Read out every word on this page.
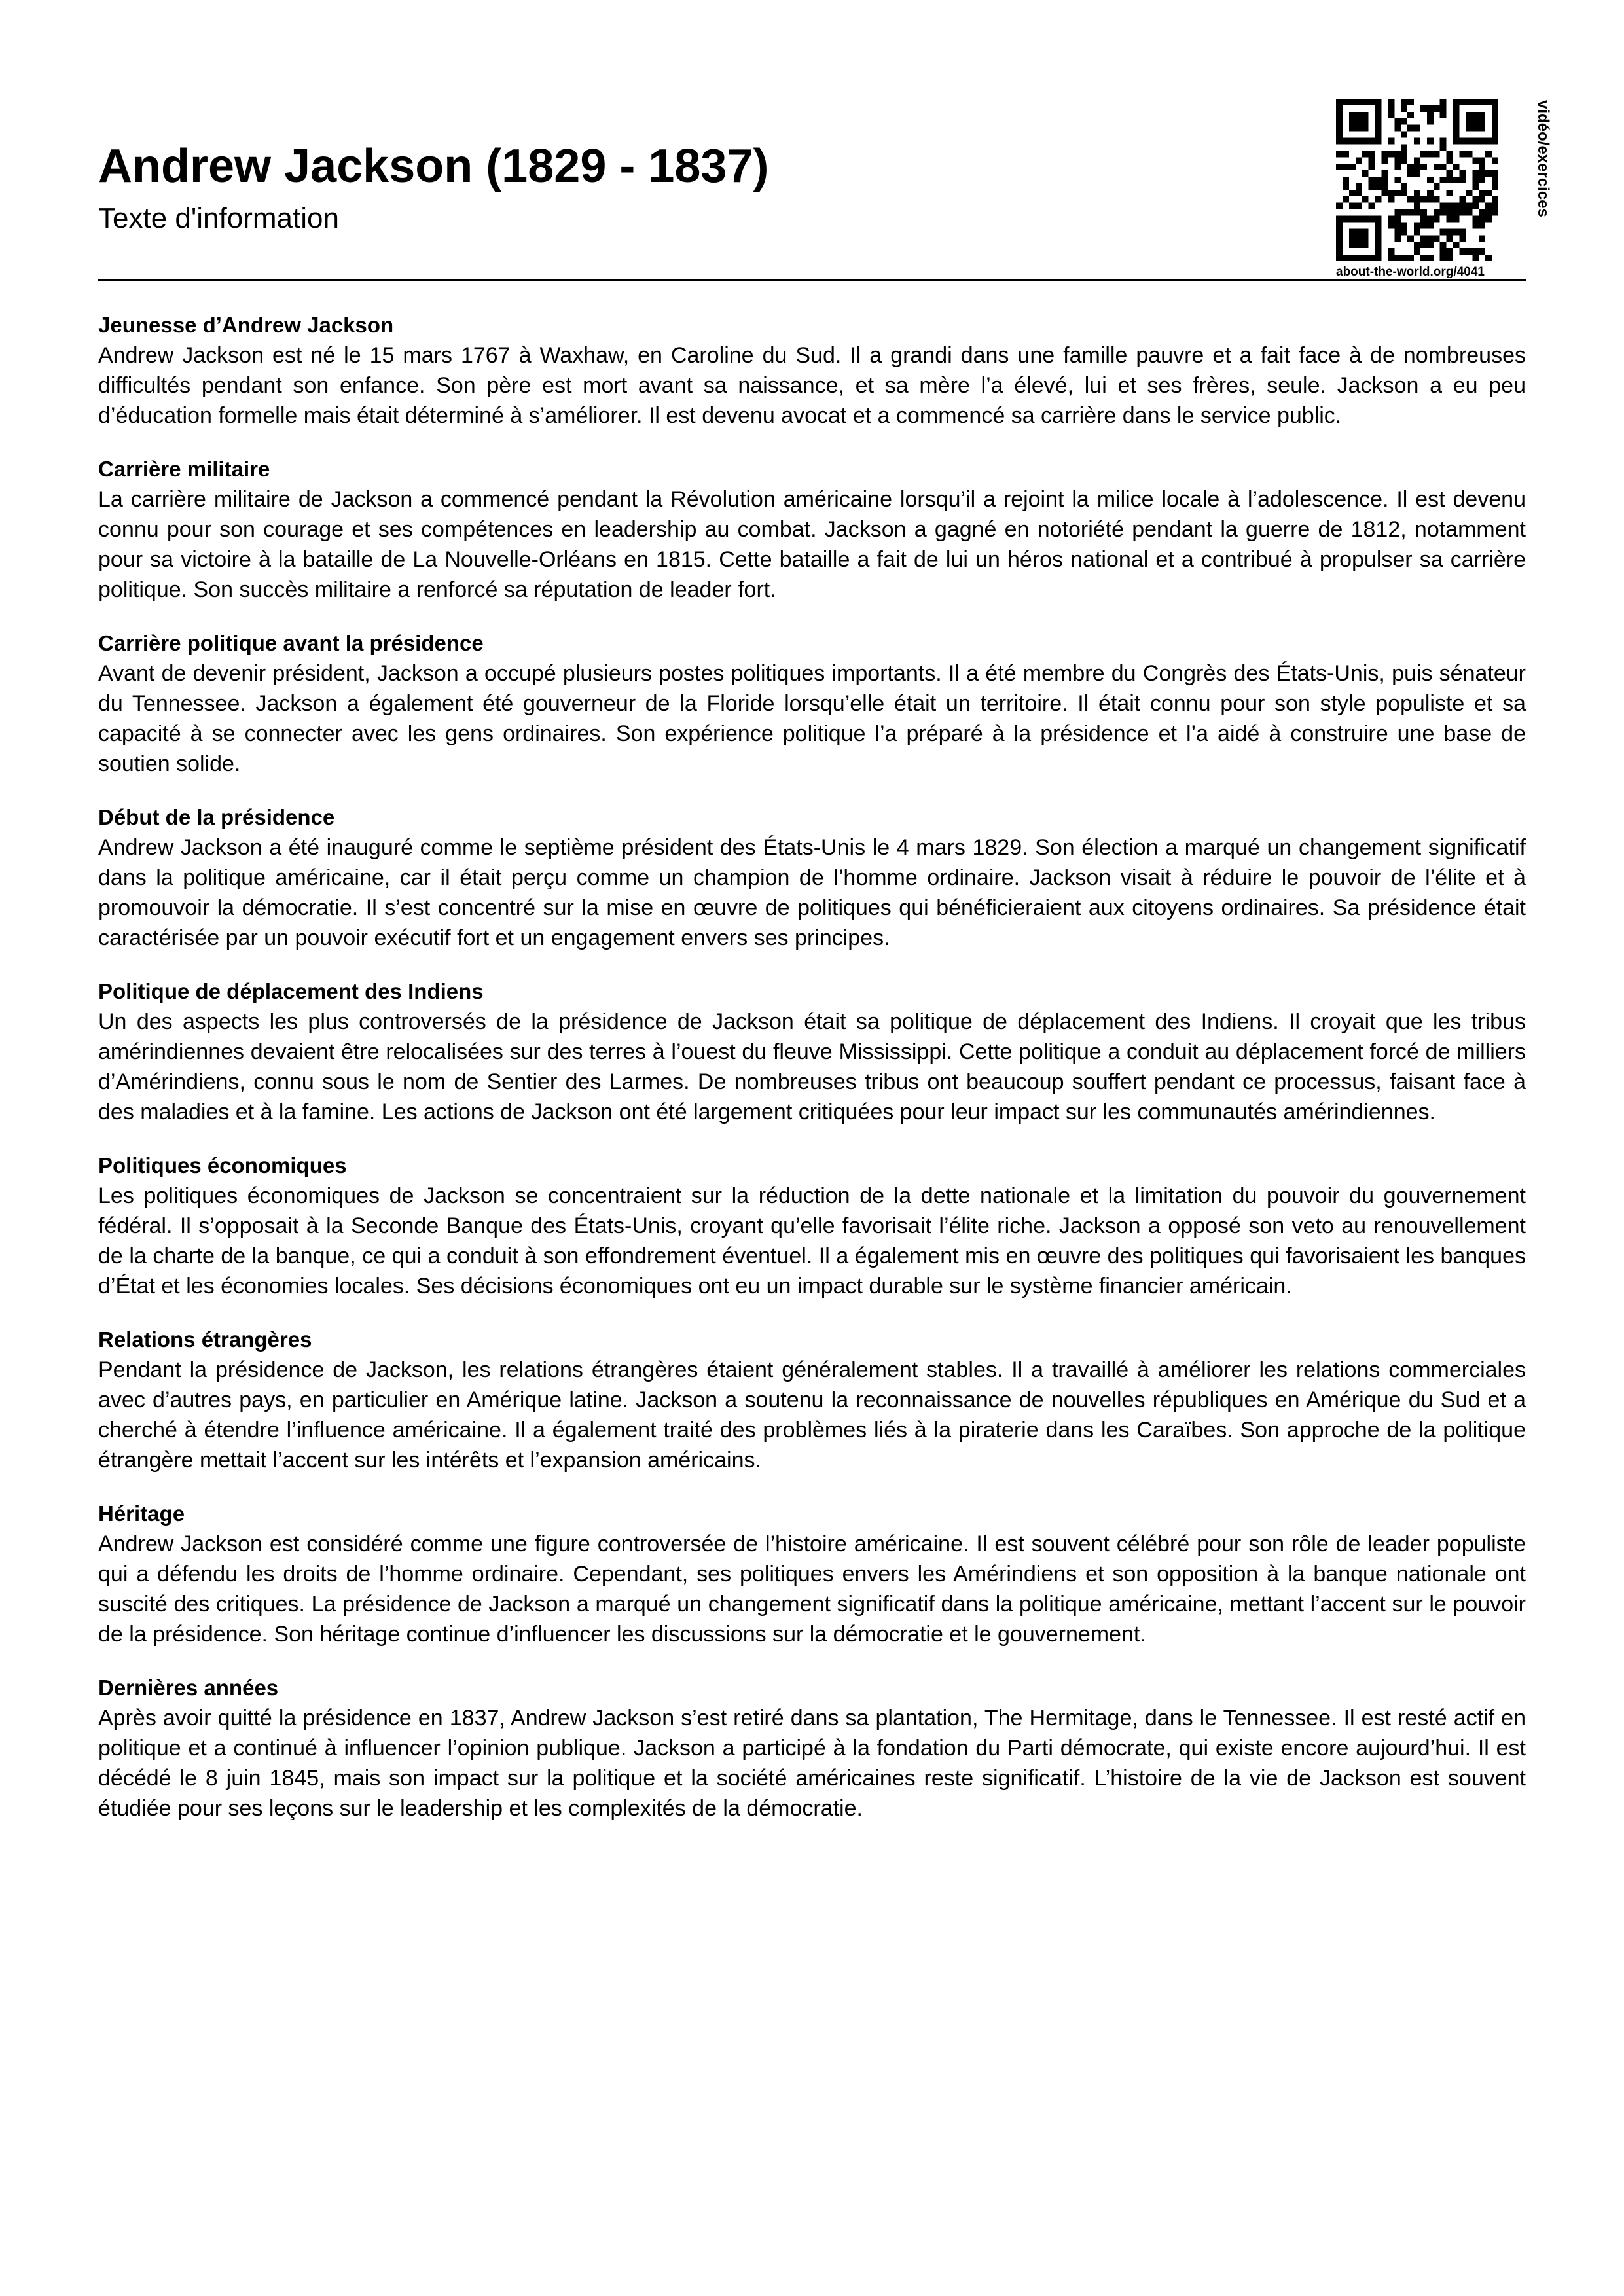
Andrew Jackson (1829 - 1837)
Texte d'information
vidéo/exercices
about-the-world.org/4041
Jeunesse d’Andrew Jackson

Andrew Jackson est né le 15 mars 1767 à Waxhaw, en Caroline du Sud. Il a grandi dans une famille pauvre et a fait face à de nombreuses difficultés pendant son enfance. Son père est mort avant sa naissance, et sa mère l’a élevé, lui et ses frères, seule. Jackson a eu peu d’éducation formelle mais était déterminé à s’améliorer. Il est devenu avocat et a commencé sa carrière dans le service public.

Carrière militaire

La carrière militaire de Jackson a commencé pendant la Révolution américaine lorsqu’il a rejoint la milice locale à l’adolescence. Il est devenu connu pour son courage et ses compétences en leadership au combat. Jackson a gagné en notoriété pendant la guerre de 1812, notamment pour sa victoire à la bataille de La Nouvelle-Orléans en 1815. Cette bataille a fait de lui un héros national et a contribué à propulser sa carrière politique. Son succès militaire a renforcé sa réputation de leader fort.

Carrière politique avant la présidence

Avant de devenir président, Jackson a occupé plusieurs postes politiques importants. Il a été membre du Congrès des États-Unis, puis sénateur du Tennessee. Jackson a également été gouverneur de la Floride lorsqu’elle était un territoire. Il était connu pour son style populiste et sa capacité à se connecter avec les gens ordinaires. Son expérience politique l’a préparé à la présidence et l’a aidé à construire une base de soutien solide.

Début de la présidence

Andrew Jackson a été inauguré comme le septième président des États-Unis le 4 mars 1829. Son élection a marqué un changement significatif dans la politique américaine, car il était perçu comme un champion de l’homme ordinaire. Jackson visait à réduire le pouvoir de l’élite et à promouvoir la démocratie. Il s’est concentré sur la mise en œuvre de politiques qui bénéficieraient aux citoyens ordinaires. Sa présidence était caractérisée par un pouvoir exécutif fort et un engagement envers ses principes.

Politique de déplacement des Indiens

Un des aspects les plus controversés de la présidence de Jackson était sa politique de déplacement des Indiens. Il croyait que les tribus amérindiennes devaient être relocalisées sur des terres à l’ouest du fleuve Mississippi. Cette politique a conduit au déplacement forcé de milliers d’Amérindiens, connu sous le nom de Sentier des Larmes. De nombreuses tribus ont beaucoup souffert pendant ce processus, faisant face à des maladies et à la famine. Les actions de Jackson ont été largement critiquées pour leur impact sur les communautés amérindiennes.

Politiques économiques

Les politiques économiques de Jackson se concentraient sur la réduction de la dette nationale et la limitation du pouvoir du gouvernement fédéral. Il s’opposait à la Seconde Banque des États-Unis, croyant qu’elle favorisait l’élite riche. Jackson a opposé son veto au renouvellement de la charte de la banque, ce qui a conduit à son effondrement éventuel. Il a également mis en œuvre des politiques qui favorisaient les banques d’État et les économies locales. Ses décisions économiques ont eu un impact durable sur le système financier américain.

Relations étrangères

Pendant la présidence de Jackson, les relations étrangères étaient généralement stables. Il a travaillé à améliorer les relations commerciales avec d’autres pays, en particulier en Amérique latine. Jackson a soutenu la reconnaissance de nouvelles républiques en Amérique du Sud et a cherché à étendre l’influence américaine. Il a également traité des problèmes liés à la piraterie dans les Caraïbes. Son approche de la politique étrangère mettait l’accent sur les intérêts et l’expansion américains.

Héritage

Andrew Jackson est considéré comme une figure controversée de l’histoire américaine. Il est souvent célébré pour son rôle de leader populiste qui a défendu les droits de l’homme ordinaire. Cependant, ses politiques envers les Amérindiens et son opposition à la banque nationale ont suscité des critiques. La présidence de Jackson a marqué un changement significatif dans la politique américaine, mettant l’accent sur le pouvoir de la présidence. Son héritage continue d’influencer les discussions sur la démocratie et le gouvernement.

Dernières années

Après avoir quitté la présidence en 1837, Andrew Jackson s’est retiré dans sa plantation, The Hermitage, dans le Tennessee. Il est resté actif en politique et a continué à influencer l’opinion publique. Jackson a participé à la fondation du Parti démocrate, qui existe encore aujourd’hui. Il est décédé le 8 juin 1845, mais son impact sur la politique et la société américaines reste significatif. L’histoire de la vie de Jackson est souvent étudiée pour ses leçons sur le leadership et les complexités de la démocratie.
